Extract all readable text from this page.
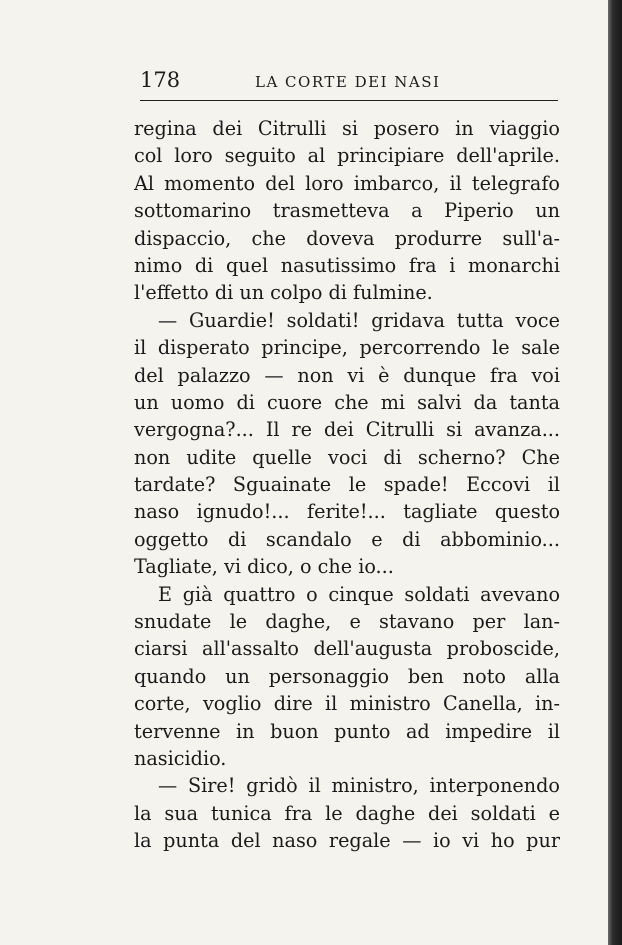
178	LA CORTE DEI NASI
regina dei Citrulli si posero in viaggio
col loro seguito al principiare dell'aprile.
Al momento del loro imbarco, il telegrafo
sottomarino trasmetteva a Piperio un
dispaccio, che doveva produrre sull'a-
nimo di quel nasutissimo fra i monarchi
l'effetto di un colpo di fulmine.
— Guardie! soldati! gridava tutta voce
il disperato principe, percorrendo le sale
del palazzo — non vi è dunque fra voi
un uomo di cuore che mi salvi da tanta
vergogna?... Il re dei Citrulli si avanza...
non udite quelle voci di scherno? Che
tardate? Sguainate le spade! Eccovi il
naso ignudo!... ferite!... tagliate questo
oggetto di scandalo e di abbominio...
Tagliate, vi dico, o che io...
E già quattro o cinque soldati avevano
snudate le daghe, e stavano per lan-
ciarsi all'assalto dell'augusta proboscide,
quando un personaggio ben noto alla
corte, voglio dire il ministro Canella, in-
tervenne in buon punto ad impedire il
nasicidio.
— Sire! gridò il ministro, interponendo
la sua tunica fra le daghe dei soldati e
la punta del naso regale — io vi ho pur
